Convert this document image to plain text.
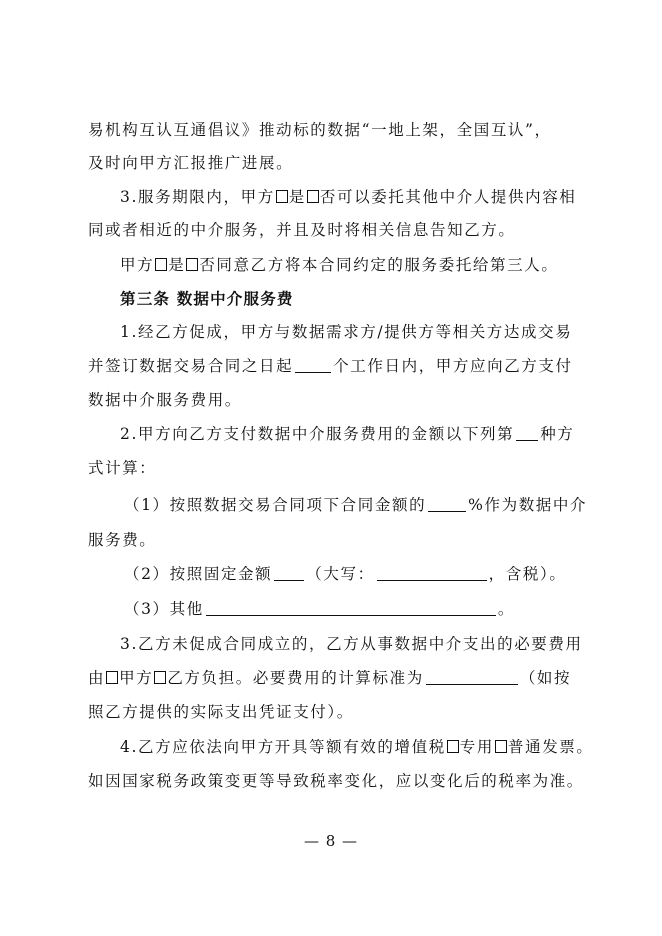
易机构互认互通倡议》推动标的数据“一地上架，全国互认”，
及时向甲方汇报推广进展。
3.服务期限内，甲方 是 否可以委托其他中介人提供内容相
同或者相近的中介服务，并且及时将相关信息告知乙方。
甲方 是 否同意乙方将本合同约定的服务委托给第三人。
第三条 数据中介服务费
1.经乙方促成，甲方与数据需求方/提供方等相关方达成交易
并签订数据交易合同之日起	个工作日内，甲方应向乙方支付
数据中介服务费用。
2.甲方向乙方支付数据中介服务费用的金额以下列第 种方
式计算：
（1）按照数据交易合同项下合同金额的	%作为数据中介
服务费。
（2）按照固定金额 （大写：	，含税）。
（3）其他	。
3.乙方未促成合同成立的，乙方从事数据中介支出的必要费用
由 甲方 乙方负担。必要费用的计算标准为	（如按
照乙方提供的实际支出凭证支付）。
4.乙方应依法向甲方开具等额有效的增值税 专用 普通发票。
如因国家税务政策变更等导致税率变化，应以变化后的税率为准。
— 8 —
